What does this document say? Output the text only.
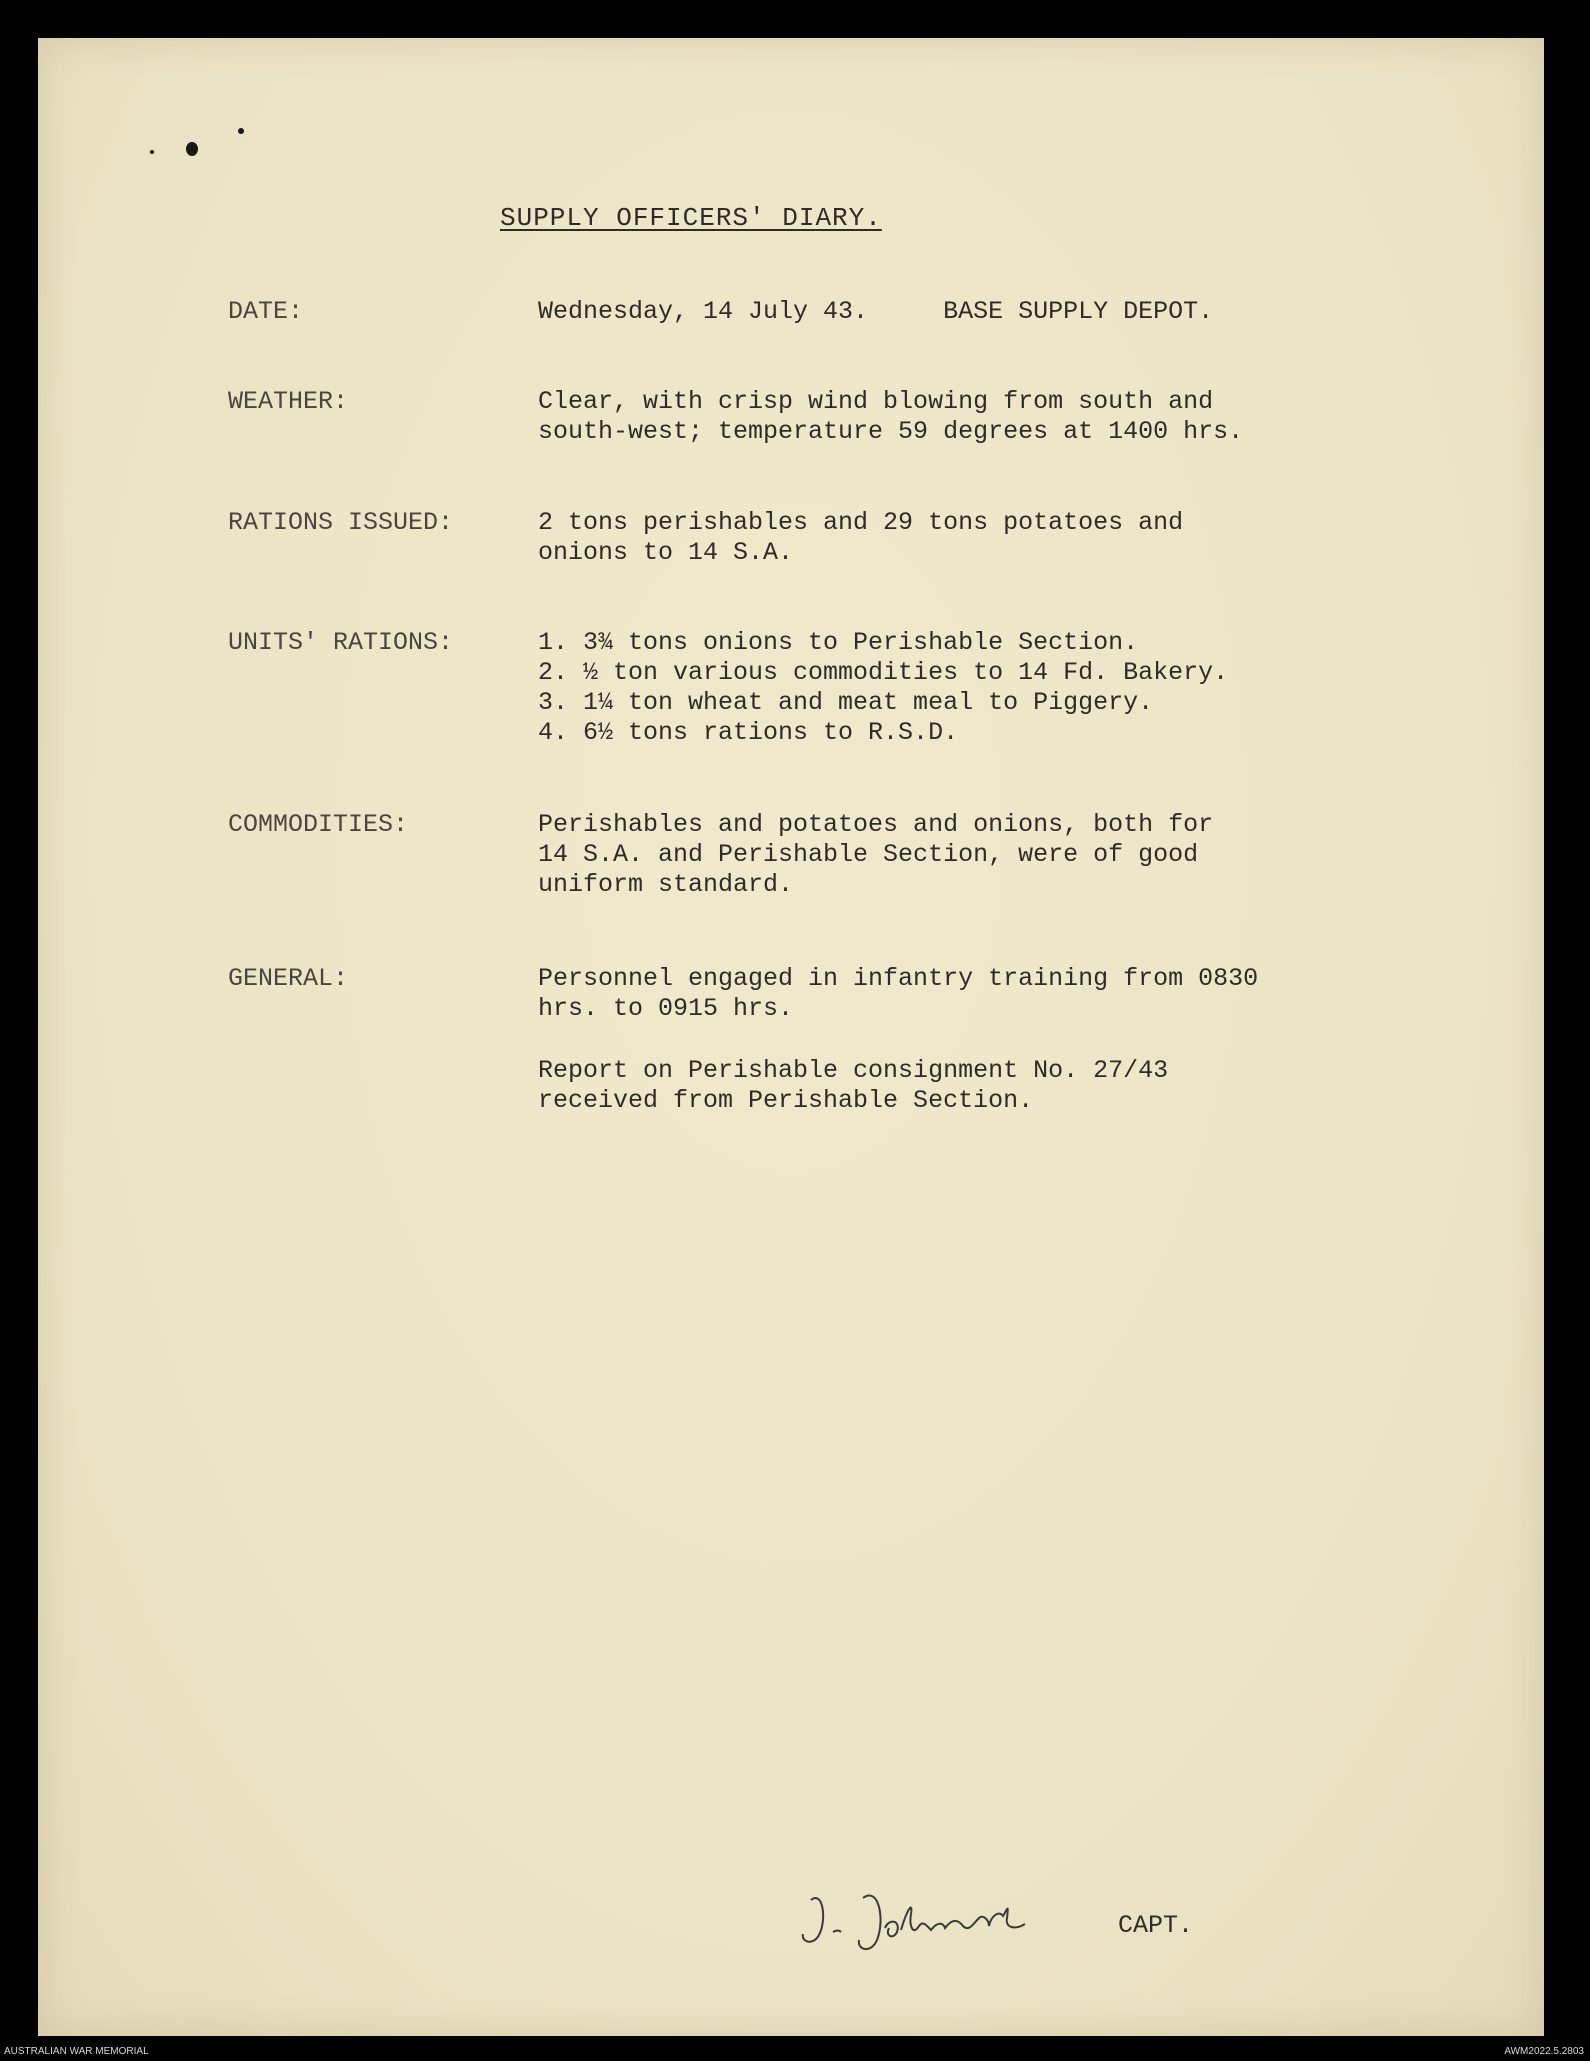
SUPPLY OFFICERS' DIARY.
DATE:	Wednesday, 14 July 43.     BASE SUPPLY DEPOT.
WEATHER:	Clear, with crisp wind blowing from south and
south-west; temperature 59 degrees at 1400 hrs.
RATIONS ISSUED:	2 tons perishables and 29 tons potatoes and
onions to 14 S.A.
UNITS' RATIONS:	1. 3¾ tons onions to Perishable Section.
2. ½ ton various commodities to 14 Fd. Bakery.
3. 1¼ ton wheat and meat meal to Piggery.
4. 6½ tons rations to R.S.D.
COMMODITIES:	Perishables and potatoes and onions, both for
14 S.A. and Perishable Section, were of good
uniform standard.
GENERAL:	Personnel engaged in infantry training from 0830
hrs. to 0915 hrs.
Report on Perishable consignment No. 27/43
received from Perishable Section.
CAPT.
AUSTRALIAN WAR MEMORIAL	AWM2022.5.2803
